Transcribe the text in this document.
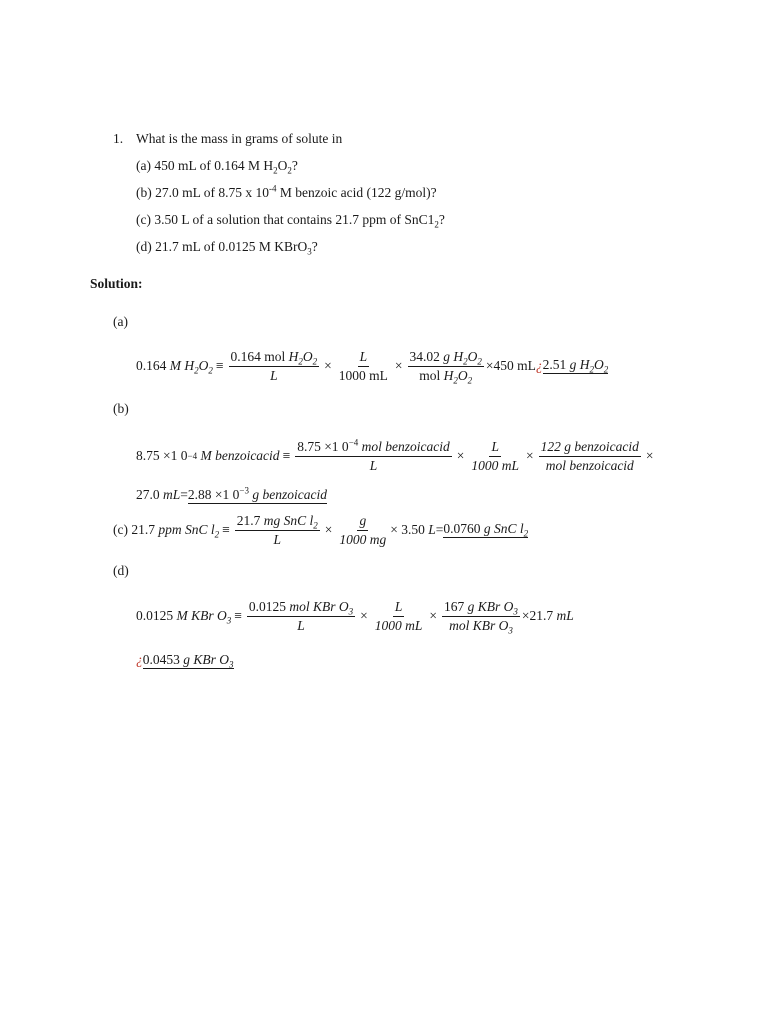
1. What is the mass in grams of solute in
(a) 450 mL of 0.164 M $H_2O_2$?
(b) 27.0 mL of 8.75 x $10^{-4}$ M benzoic acid (122 g/mol)?
(c) 3.50 L of a solution that contains 21.7 ppm of $SnC1_2$?
(d) 21.7 mL of 0.0125 M KBrO$_3$?
Solution:
(a)
0.164
M $H_2O_2 \equiv \frac{0.164 mol H_2O_2}{L} \times \frac{L}{1000 mL} \times \frac{34.02 g H_2O_2}{mol H_2O_2} \times 450$ mL ¿ 2.51 g $H_2O_2$
(b)
8.75 ×1 0 −4
M benzoicacid ≡ $\frac{8.75 \times 1 0^{-4} mol benzoicacid}{L} \times \frac{L}{1000 mL} \times \frac{\text{122 g benzoicacid}}{\text{mol benzoicacid}}$ ×
27.0 mL=2.88 ×1 $0^{-3}$ g benzoicacid
(c)
21.7
ppm SnC $l_2 \equiv \frac{21.7 mg SnC l_2}{L} \times \frac{g}{1000 mg} \times 3.50$
L = 0.0760 g SnC $l_2$
(d)
0.0125
M KBr $O_3 \equiv \frac{0.0125 mol KBr O_3}{L} \times \frac{L}{1000 mL} \times \frac{167 g KBr O_3}{mol KBr O_3} \times 21.7$
mL
¿0.0453 g KBr $O_3$
